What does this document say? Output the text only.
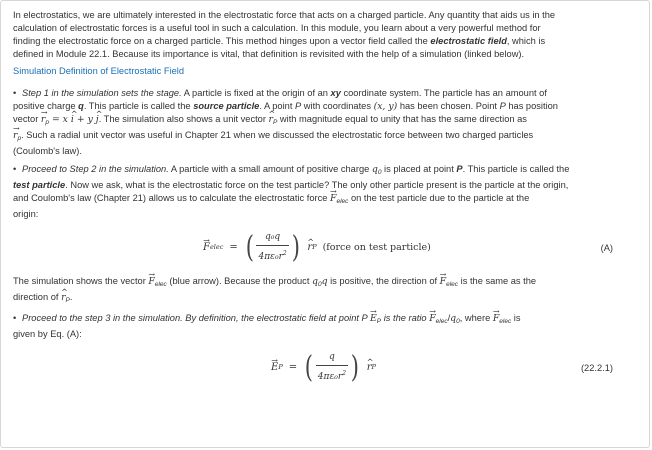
In electrostatics, we are ultimately interested in the electrostatic force that acts on a charged particle. Any quantity that aids us in the
calculation of electrostatic forces is a useful tool in such a calculation. In this module, you learn about a very powerful method for
finding the electrostatic force on a charged particle. This method hinges upon a vector field called the electrostatic field, which is
defined in Module 22.1. Because its importance is vital, that definition is revisited with the help of a simulation (linked below).

Simulation Definition of Electrostatic Field

• Step 1 in the simulation sets the stage. A particle is fixed at the origin of an xy coordinate system. The particle has an amount of
positive charge q. This particle is called the source particle. A point P with coordinates (x, y) has been chosen. Point P has position
vector → $r_p = x$ ^ i + y ^ j. The simulation also shows a unit vector ^ $r_P$ with magnitude equal to unity that has the same direction as
→ $r_p$. Such a radial unit vector was useful in Chapter 21 when we discussed the electrostatic force between two charged particles
(Coulomb's law).

• Proceed to Step 2 in the simulation. A particle with a small amount of positive charge $q_0$ is placed at point P. This particle is called the
test particle. Now we ask, what is the electrostatic force on the test particle? The only other particle present is the particle at the origin,
and Coulomb's law (Chapter 21) allows us to calculate the electrostatic force → $F_{elec}$ on the test particle due to the particle at the
origin:

→ F elec = ( $\frac{\text{q₀q}}{4\pi\varepsilon_0r^2}$ ) ^ r P (force on test particle)	(A)

The simulation shows the vector → $F_{elec}$ (blue arrow). Because the product $q_0q$ is positive, the direction of → $F_{elec}$ is the same as the
direction of ^ $r_P$.

• Proceed to the step 3 in the simulation. By definition, the electrostatic field at point $P \to E_P$ is the ratio → $F_{elec}/q_0$, where → $F_{elec}$ is
given by Eq. (A):

→ E P = ( $\frac{q}{4\pi\varepsilon_0r^2}$ ) ^ r P	(22.2.1)
